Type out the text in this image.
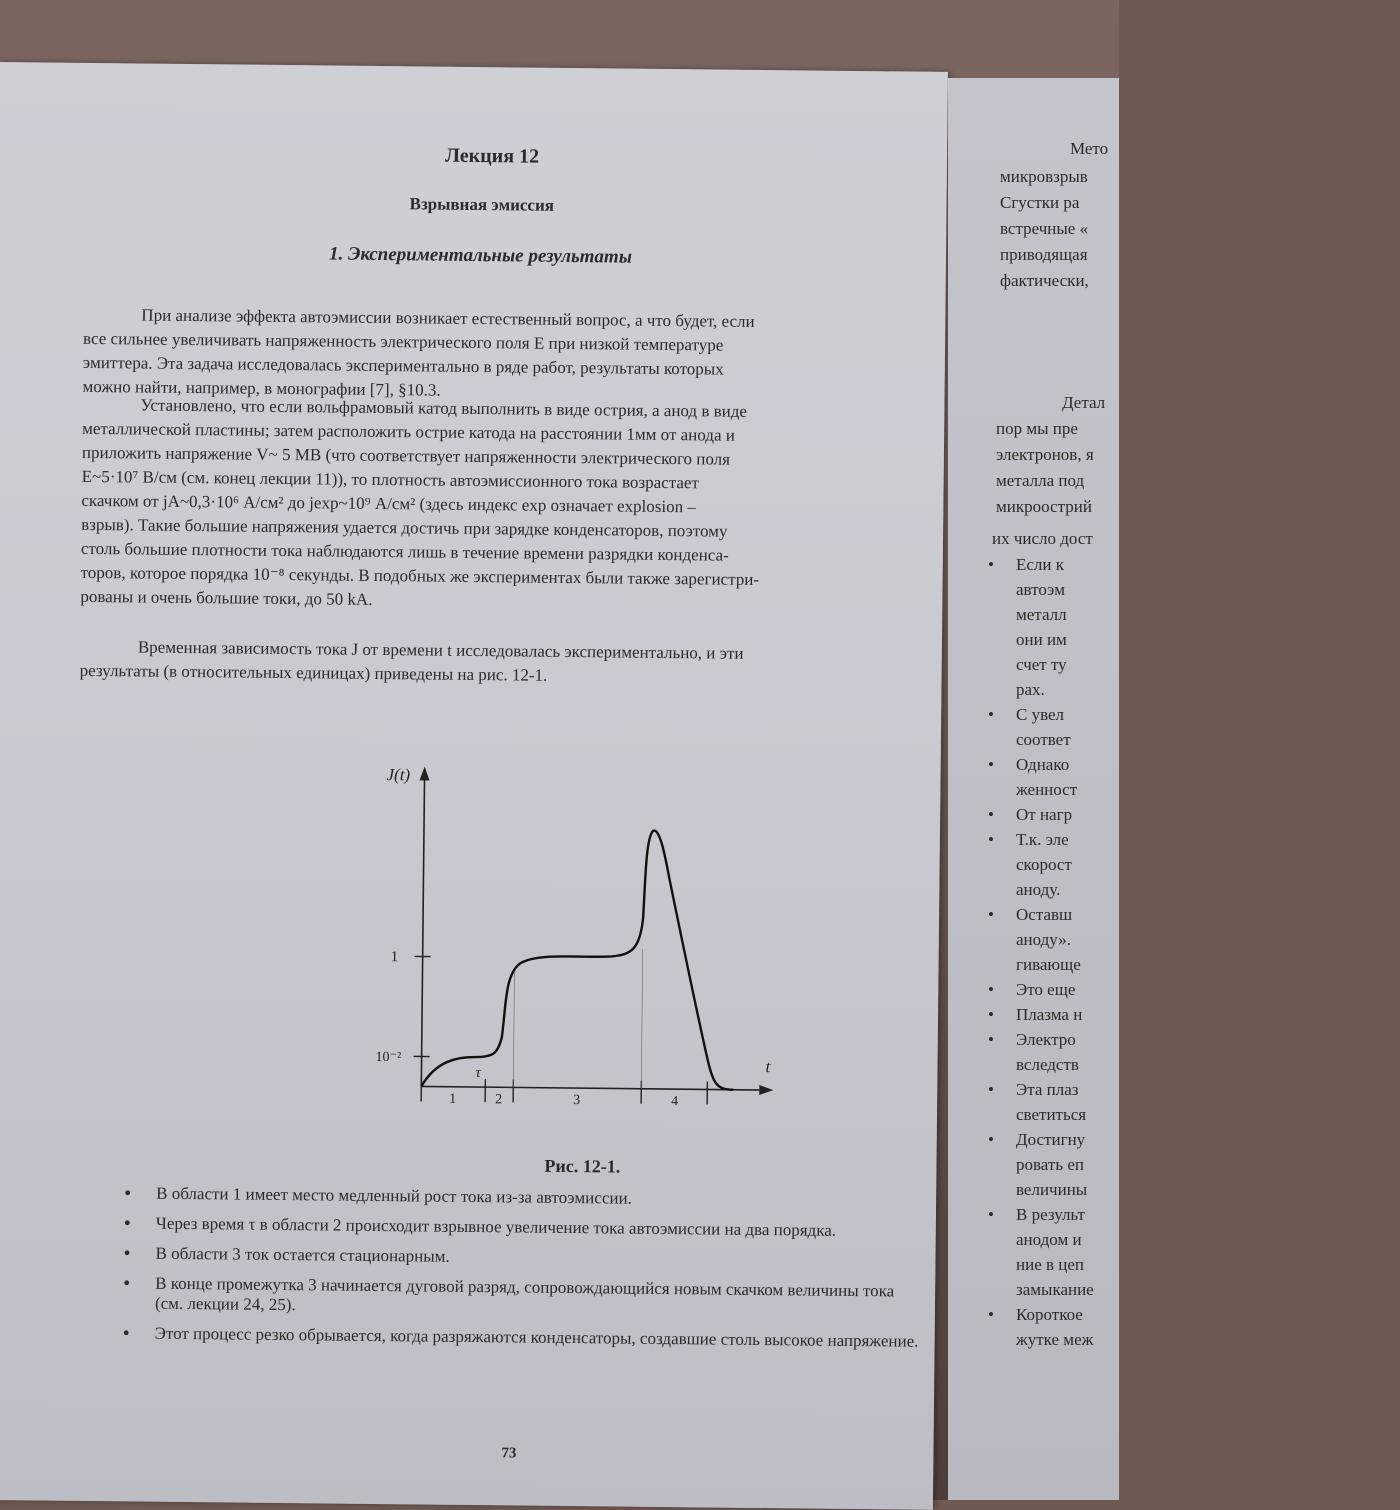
Лекция 12
Взрывная эмиссия
1. Экспериментальные результаты
При анализе эффекта автоэмиссии возникает естественный вопрос, а что будет, если
все сильнее увеличивать напряженность электрического поля E при низкой температуре
эмиттера. Эта задача исследовалась экспериментально в ряде работ, результаты которых
можно найти, например, в монографии [7], §10.3.
Установлено, что если вольфрамовый катод выполнить в виде острия, а анод в виде
металлической пластины; затем расположить острие катода на расстоянии 1мм от анода и
приложить напряжение V~ 5 МВ (что соответствует напряженности электрического поля
E~5·10⁷ В/см (см. конец лекции 11)), то плотность автоэмиссионного тока возрастает
скачком от jA~0,3·10⁶ А/см² до jexp~10⁹ А/см² (здесь индекс exp означает explosion –
взрыв). Такие большие напряжения удается достичь при зарядке конденсаторов, поэтому
столь большие плотности тока наблюдаются лишь в течение времени разрядки конденса-
торов, которое порядка 10⁻⁸ секунды. В подобных же экспериментах были также зарегистри-
рованы и очень большие токи, до 50 kA.
Временная зависимость тока J от времени t исследовалась экспериментально, и эти
результаты (в относительных единицах) приведены на рис. 12-1.
J(t)
t
1
10⁻²
τ
1	2	3	4
Рис. 12-1.
• В области 1 имеет место медленный рост тока из-за автоэмиссии.
• Через время τ в области 2 происходит взрывное увеличение тока автоэмиссии на два порядка.
• В области 3 ток остается стационарным.
• В конце промежутка 3 начинается дуговой разряд, сопровождающийся новым скачком величины тока (см. лекции 24, 25).
• Этот процесс резко обрывается, когда разряжаются конденсаторы, создавшие столь высокое напряжение.
73
Мето
микровзрыв
Сгустки ра
встречные «
приводящая
фактически,
Детал
пор мы пре
электронов, я
металла под
микроострий
их число дост
• Если к
автоэм
металл
они им
счет ту
рах.
• С увел
соответ
• Однако
женност
• От нагр
• Т.к. эле
скорост
аноду.
• Оставш
аноду».
гивающе
• Это еще
• Плазма н
• Электро
вследств
• Эта плаз
светиться
• Достигну
ровать еп
величины
• В результ
анодом и
ние в цеп
замыкание
• Короткое
жутке меж
